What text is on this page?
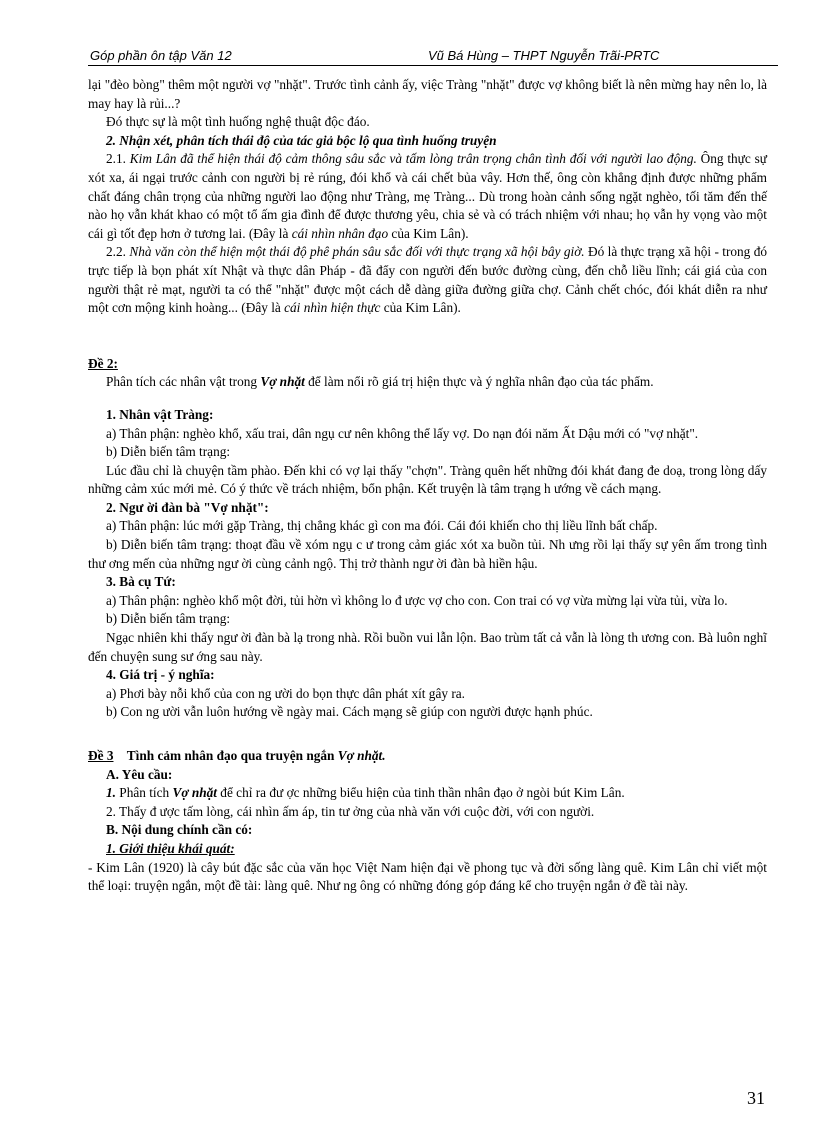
Góp phần ôn tập Văn 12	Vũ Bá Hùng – THPT Nguyễn Trãi-PRTC

lại "đèo bòng" thêm một người vợ "nhặt". Trước tình cảnh ấy, việc Tràng "nhặt" được vợ không biết là nên mừng hay nên lo, là may hay là rủi...?

Đó thực sự là một tình huống nghệ thuật độc đáo.

2. Nhận xét, phân tích thái độ của tác giả bộc lộ qua tình huống truyện

2.1. Kim Lân đã thể hiện thái độ cảm thông sâu sắc và tấm lòng trân trọng chân tình đối với người lao động. Ông thực sự xót xa, ái ngại trước cảnh con người bị rẻ rúng, đói khổ và cái chết bủa vây. Hơn thế, ông còn khẳng định được những phẩm chất đáng chân trọng của những người lao động như Tràng, mẹ Tràng... Dù trong hoàn cảnh sống ngặt nghèo, tối tăm đến thế nào họ vẫn khát khao có một tổ ấm gia đình để được thương yêu, chia sẻ và có trách nhiệm với nhau; họ vẫn hy vọng vào một cái gì tốt đẹp hơn ở tương lai. (Đây là cái nhìn nhân đạo của Kim Lân).

2.2. Nhà văn còn thể hiện một thái độ phê phán sâu sắc đối với thực trạng xã hội bây giờ. Đó là thực trạng xã hội - trong đó trực tiếp là bọn phát xít Nhật và thực dân Pháp - đã đẩy con người đến bước đường cùng, đến chỗ liều lĩnh; cái giá của con người thật rẻ mạt, người ta có thể "nhặt" được một cách dễ dàng giữa đường giữa chợ. Cảnh chết chóc, đói khát diễn ra như một cơn mộng kinh hoàng... (Đây là cái nhìn hiện thực của Kim Lân).

Đề 2:

Phân tích các nhân vật trong Vợ nhặt để làm nổi rõ giá trị hiện thực và ý nghĩa nhân đạo của tác phẩm.

1. Nhân vật Tràng:

a) Thân phận: nghèo khổ, xấu trai, dân ngụ cư nên không thể lấy vợ. Do nạn đói năm Ất Dậu mới có "vợ nhặt".

b) Diễn biến tâm trạng:

Lúc đầu chỉ là chuyện tầm phào. Đến khi có vợ lại thấy "chợn". Tràng quên hết những đói khát đang đe doạ, trong lòng dấy những cảm xúc mới mẻ. Có ý thức về trách nhiệm, bổn phận. Kết truyện là tâm trạng h ướng về cách mạng.

2. Ngư ời đàn bà "Vợ nhặt":

a) Thân phận: lúc mới gặp Tràng, thị chẳng khác gì con ma đói. Cái đói khiến cho thị liều lĩnh bất chấp.

b) Diễn biến tâm trạng: thoạt đầu về xóm ngụ c ư trong cảm giác xót xa buồn tủi. Nh ưng rồi lại thấy sự yên ấm trong tình thư ơng mến của những ngư ời cùng cảnh ngộ. Thị trở thành ngư ời đàn bà hiền hậu.

3. Bà cụ Tứ:

a) Thân phận: nghèo khổ một đời, tủi hờn vì không lo đ ược vợ cho con. Con trai có vợ vừa mừng lại vừa tủi, vừa lo.

b) Diễn biến tâm trạng:

Ngạc nhiên khi thấy ngư ời đàn bà lạ trong nhà. Rồi buồn vui lẫn lộn. Bao trùm tất cả vẫn là lòng th ương con. Bà luôn nghĩ đến chuyện sung sư ớng sau này.

4. Giá trị - ý nghĩa:

a) Phơi bày nỗi khổ của con ng ười do bọn thực dân phát xít gây ra.

b) Con ng ười vẫn luôn hướng về ngày mai. Cách mạng sẽ giúp con người được hạnh phúc.

Đề 3 Tình cảm nhân đạo qua truyện ngắn Vợ nhặt.

A. Yêu cầu:

1. Phân tích Vợ nhặt để chỉ ra đư ợc những biểu hiện của tinh thần nhân đạo ở ngòi bút Kim Lân.

2. Thấy đ ược tấm lòng, cái nhìn ấm áp, tin tư ởng của nhà văn với cuộc đời, với con người.

B. Nội dung chính cần có:

1. Giới thiệu khái quát:

- Kim Lân (1920) là cây bút đặc sắc của văn học Việt Nam hiện đại về phong tục và đời sống làng quê. Kim Lân chỉ viết một thể loại: truyện ngắn, một đề tài: làng quê. Như ng ông có những đóng góp đáng kể cho truyện ngắn ở đề tài này.

31
